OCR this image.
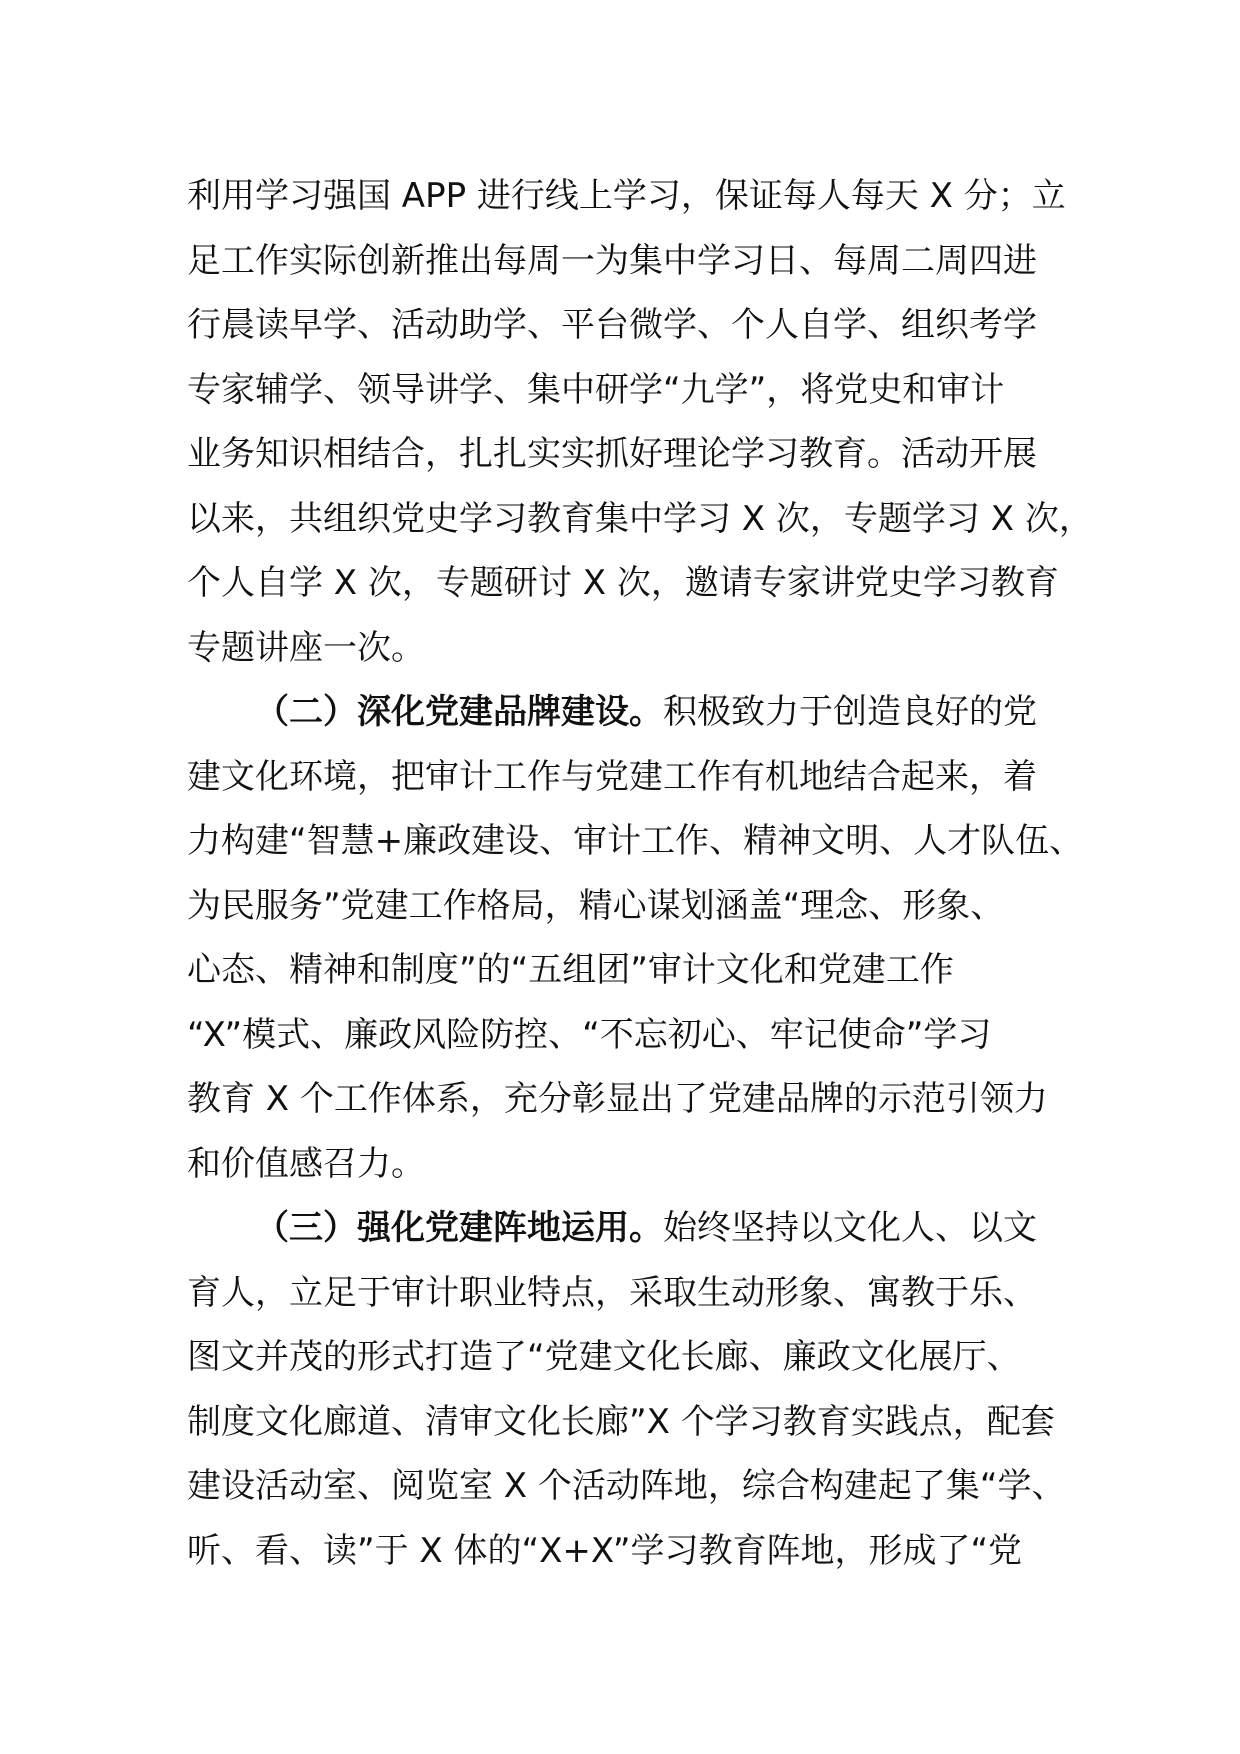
利用学习强国 APP 进行线上学习，保证每人每天 X 分；立
足工作实际创新推出每周一为集中学习日、每周二周四进
行晨读早学、活动助学、平台微学、个人自学、组织考学
专家辅学、领导讲学、集中研学“九学”，将党史和审计
业务知识相结合，扎扎实实抓好理论学习教育。活动开展
以来，共组织党史学习教育集中学习 X 次，专题学习 X 次，
个人自学 X 次，专题研讨 X 次，邀请专家讲党史学习教育
专题讲座一次。
（二）深化党建品牌建设。积极致力于创造良好的党
建文化环境，把审计工作与党建工作有机地结合起来，着
力构建“智慧+廉政建设、审计工作、精神文明、人才队伍、
为民服务”党建工作格局，精心谋划涵盖“理念、形象、
心态、精神和制度”的“五组团”审计文化和党建工作
“X”模式、廉政风险防控、“不忘初心、牢记使命”学习
教育 X 个工作体系，充分彰显出了党建品牌的示范引领力
和价值感召力。
（三）强化党建阵地运用。始终坚持以文化人、以文
育人，立足于审计职业特点，采取生动形象、寓教于乐、
图文并茂的形式打造了“党建文化长廊、廉政文化展厅、
制度文化廊道、清审文化长廊”X 个学习教育实践点，配套
建设活动室、阅览室 X 个活动阵地，综合构建起了集“学、
听、看、读”于 X 体的“X+X”学习教育阵地，形成了“党
